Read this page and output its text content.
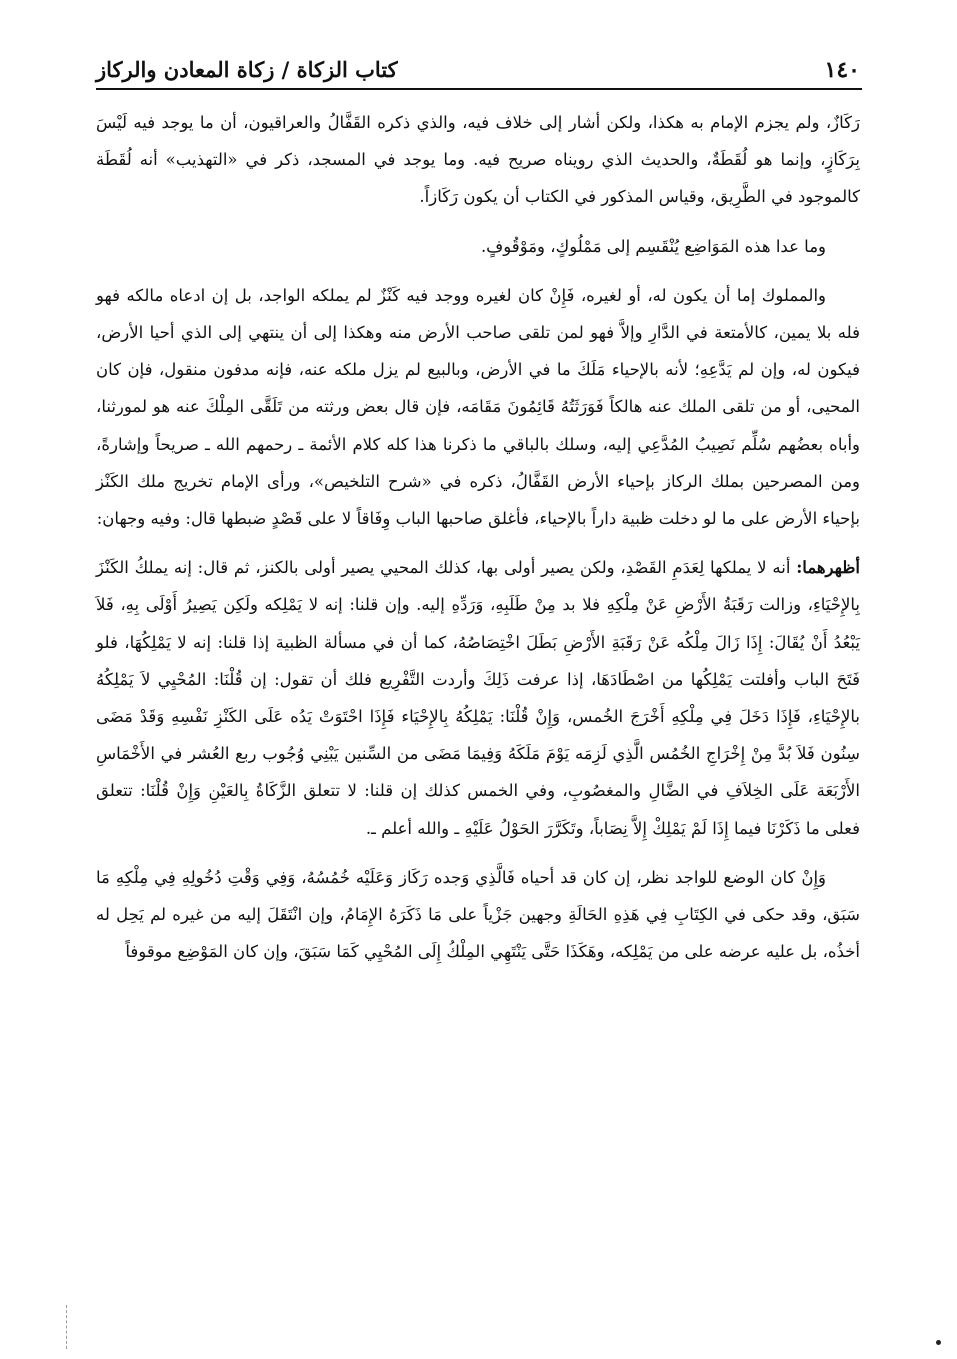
١٤٠
كتاب الزكاة / زكاة المعادن والركاز

رَكَازٌ، ولم يجزم الإمام به هكذا، ولكن أشار إلى خلاف فيه، والذي ذكره القَفَّالُ والعراقيون، أن ما يوجد فيه لَيْسَ بِرَكَازٍ، وإنما هو لُقَطَةٌ، والحديث الذي رويناه صريح فيه. وما يوجد في المسجد، ذكر في «التهذيب» أنه لُقَطَة كالموجود في الطَّرِيق، وقياس المذكور في الكتاب أن يكون رَكَازاً.

وما عدا هذه المَوَاضِع يُنْقَسِم إلى مَمْلُوكٍ، ومَوْقُوفٍ.

والمملوك إما أن يكون له، أو لغيره، فَإِنْ كان لغيره ووجد فيه كَنْزٌ لم يملكه الواجد، بل إن ادعاه مالكه فهو فله بلا يمين، كالأمتعة في الدَّارِ وإلاَّ فهو لمن تلقى صاحب الأرض منه وهكذا إلى أن ينتهي إلى الذي أحيا الأرض، فيكون له، وإن لم يَدَّعِهِ؛ لأنه بالإحياء مَلَكَ ما في الأرض، وبالبيع لم يزل ملكه عنه، فإنه مدفون منقول، فإن كان المحيى، أو من تلقى الملك عنه هالكاً فَوَرَثَتُهُ قَائِمُونَ مَقَامَه، فإن قال بعض ورثته من تَلَقَّى المِلْكَ عنه هو لمورثنا، وأباه بعضُهم سُلِّم نَصِيبُ المُدَّعِي إليه، وسلك بالباقي ما ذكرنا هذا كله كلام الأئمة ـ رحمهم الله ـ صريحاً وإشارةً، ومن المصرحين بملك الركاز بإحياء الأرض القَفَّالُ، ذكره في «شرح التلخيص»، ورأى الإمام تخريج ملك الكَنْز بإحياء الأرض على ما لو دخلت ظبية داراً بالإحياء، فأغلق صاحبها الباب وِفَاقاً لا على قَصْدٍ ضبطها قال: وفيه وجهان:

أظهرهما: أنه لا يملكها لِعَدَمِ القَصْدِ، ولكن يصير أولى بها، كذلك المحيي يصير أولى بالكنز، ثم قال: إنه يملكُ الكَنْزَ بِالإِحْيَاءِ، وزالت رَقَبَةُ الأَرْضِ عَنْ مِلْكِهِ فلا بد مِنْ طَلَبِهِ، وَرَدِّهِ إليه. وإن قلنا: إنه لا يَمْلِكه ولَكِن يَصِيرُ أَوْلَى بِهِ، فَلاَ يَبْعُدُ أَنْ يُقَالَ: إِذَا زَالَ مِلْكُه عَنْ رَقَبَةِ الأَرْضِ بَطَلَ اخْتِصَاصُهُ، كما أن في مسألة الظبية إذا قلنا: إنه لا يَمْلِكُهَا، فلو فَتَحَ الباب وأفلتت يَمْلِكُها من اصْطَادَهَا، إذا عرفت ذَلِكَ وأردت التَّفْرِيع فلك أن تقول: إن قُلْنَا: المُحْيِي لاَ يَمْلِكُهُ بالإِحْيَاءِ، فَإِذَا دَخَلَ فِي مِلْكِهِ أَخْرَجَ الخُمس، وَإِنْ قُلْنَا: يَمْلِكُهُ بِالإِحْيَاء فَإِذَا احْتَوَتْ يَدُه عَلَى الكَنْزِ نَفْسِهِ وَقَدْ مَضَى سِنُون فَلاَ بُدَّ مِنْ إِخْرَاجِ الخُمُس الَّذِي لَزِمَه يَوْمَ مَلَكَهُ وَفِيمَا مَضَى من السِّنين يَبْنِي وُجُوب ربع العُشر في الأَخْمَاسِ الأَرْبَعَة عَلَى الخِلاَفِ في الضَّالِ والمغصُوبِ، وفي الخمس كذلك إن قلنا: لا تتعلق الزَّكَاةُ بِالعَيْنِ وَإِنْ قُلْنَا: تتعلق فعلى ما ذَكَرْنَا فيما إِذَا لَمْ يَمْلِكْ إِلاَّ نِصَاباً، وتَكَرَّرَ الحَوْلُ عَلَيْهِ ـ والله أعلم ـ.

وَإِنْ كان الوضع للواجد نظر، إن كان قد أحياه فَالَّذِي وَجده رَكَاز وَعَلَيْه خُمُسُهُ، وَفِي وَقْتِ دُخُولِهِ فِي مِلْكِهِ مَا سَبَق، وقد حكى في الكِتَابِ فِي هَذِهِ الحَالَةِ وجهين جَزْياً على مَا ذَكَرَهُ الإِمَامُ، وإن انْتَقَلَ إليه من غيره لم يَحِل له أخذُه، بل عليه عرضه على من يَمْلِكه، وهَكَذَا حَتَّى يَنْتَهِي المِلْكُ إِلَى المُحْيِي كَمَا سَبَقَ، وإن كان المَوْضِع موقوفاً
